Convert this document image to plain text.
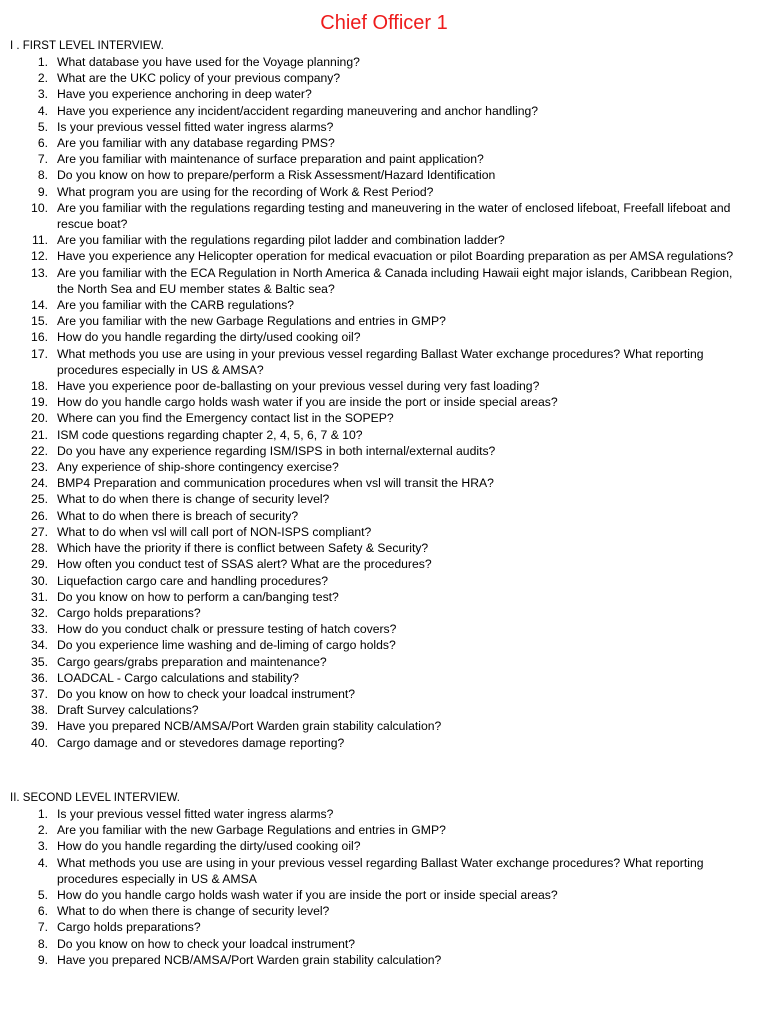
Chief Officer 1
I . FIRST LEVEL INTERVIEW.
1. What database you have used for the Voyage planning?
2. What are the UKC policy of your previous company?
3. Have you experience anchoring in deep water?
4. Have you experience any incident/accident regarding maneuvering and anchor handling?
5. Is your previous vessel fitted water ingress alarms?
6. Are you familiar with any database regarding PMS?
7. Are you familiar with maintenance of surface preparation and paint application?
8. Do you know on how to prepare/perform a Risk Assessment/Hazard Identification
9. What program you are using for the recording of Work & Rest Period?
10. Are you familiar with the regulations regarding testing and maneuvering in the water of enclosed lifeboat, Freefall lifeboat and rescue boat?
11. Are you familiar with the regulations regarding pilot ladder and combination ladder?
12. Have you experience any Helicopter operation for medical evacuation or pilot Boarding preparation as per AMSA regulations?
13. Are you familiar with the ECA Regulation in North America & Canada including Hawaii eight major islands, Caribbean Region, the North Sea and EU member states & Baltic sea?
14. Are you familiar with the CARB regulations?
15. Are you familiar with the new Garbage Regulations and entries in GMP?
16. How do you handle regarding the dirty/used cooking oil?
17. What methods you use are using in your previous vessel regarding Ballast Water exchange procedures? What reporting procedures especially in US & AMSA?
18. Have you experience poor de-ballasting on your previous vessel during very fast loading?
19. How do you handle cargo holds wash water if you are inside the port or inside special areas?
20. Where can you find the Emergency contact list in the SOPEP?
21. ISM code questions regarding chapter 2, 4, 5, 6, 7 & 10?
22. Do you have any experience regarding ISM/ISPS in both internal/external audits?
23. Any experience of ship-shore contingency exercise?
24. BMP4 Preparation and communication procedures when vsl will transit the HRA?
25. What to do when there is change of security level?
26. What to do when there is breach of security?
27. What to do when vsl will call port of NON-ISPS compliant?
28. Which have the priority if there is conflict between Safety & Security?
29. How often you conduct test of SSAS alert? What are the procedures?
30. Liquefaction cargo care and handling procedures?
31. Do you know on how to perform a can/banging test?
32. Cargo holds preparations?
33. How do you conduct chalk or pressure testing of hatch covers?
34. Do you experience lime washing and de-liming of cargo holds?
35. Cargo gears/grabs preparation and maintenance?
36. LOADCAL - Cargo calculations and stability?
37. Do you know on how to check your loadcal instrument?
38. Draft Survey calculations?
39. Have you prepared NCB/AMSA/Port Warden grain stability calculation?
40. Cargo damage and or stevedores damage reporting?
II. SECOND LEVEL INTERVIEW.
1. Is your previous vessel fitted water ingress alarms?
2. Are you familiar with the new Garbage Regulations and entries in GMP?
3. How do you handle regarding the dirty/used cooking oil?
4. What methods you use are using in your previous vessel regarding Ballast Water exchange procedures? What reporting procedures especially in US & AMSA
5. How do you handle cargo holds wash water if you are inside the port or inside special areas?
6. What to do when there is change of security level?
7. Cargo holds preparations?
8. Do you know on how to check your loadcal instrument?
9. Have you prepared NCB/AMSA/Port Warden grain stability calculation?
